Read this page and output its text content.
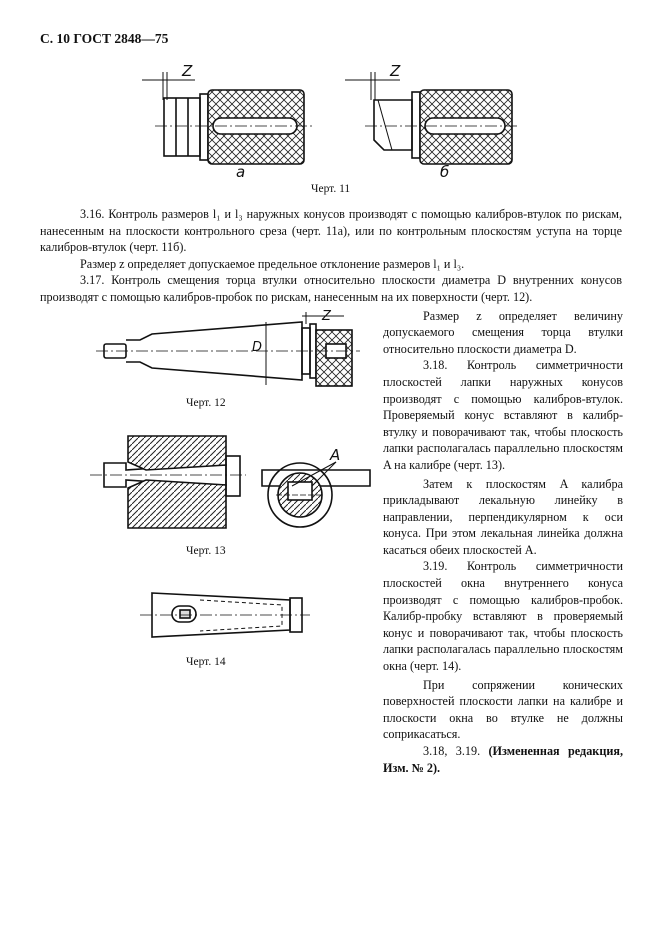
С. 10 ГОСТ 2848—75
Z	Z
а	б
Черт. 11
Z
D
Черт. 12
A
Черт. 13
Черт. 14
3.16. Контроль размеров l₁ и l₃ наружных конусов производят с помощью калибров-втулок по рискам, нанесенным на плоскости контрольного среза (черт. 11а), или по контрольным плоскостям уступа на торце калибров-втулок (черт. 11б).
Размер z определяет допускаемое предельное отклонение размеров l₁ и l₃.
3.17. Контроль смещения торца втулки относительно плоскости диаметра D внутренних конусов производят с помощью калибров-пробок по рискам, нанесенным на их поверхности (черт. 12).
Размер z определяет величину допускаемого смещения торца втулки относительно плоскости диаметра D.
3.18. Контроль симметричности плоскостей лапки наружных конусов производят с помощью калибров-втулок. Проверяемый конус вставляют в калибр-втулку и поворачивают так, чтобы плоскость лапки располагалась параллельно плоскостям A на калибре (черт. 13).
Затем к плоскостям A калибра прикладывают лекальную линейку в направлении, перпендикулярном к оси конуса. При этом лекальная линейка должна касаться обеих плоскостей A.
3.19. Контроль симметричности плоскостей окна внутреннего конуса производят с помощью калибров-пробок. Калибр-пробку вставляют в проверяемый конус и поворачивают так, чтобы плоскость лапки располагалась параллельно плоскостям окна (черт. 14).
При сопряжении конических поверхностей плоскости лапки на калибре и плоскости окна во втулке не должны соприкасаться.
3.18, 3.19. (Измененная редакция, Изм. № 2).
